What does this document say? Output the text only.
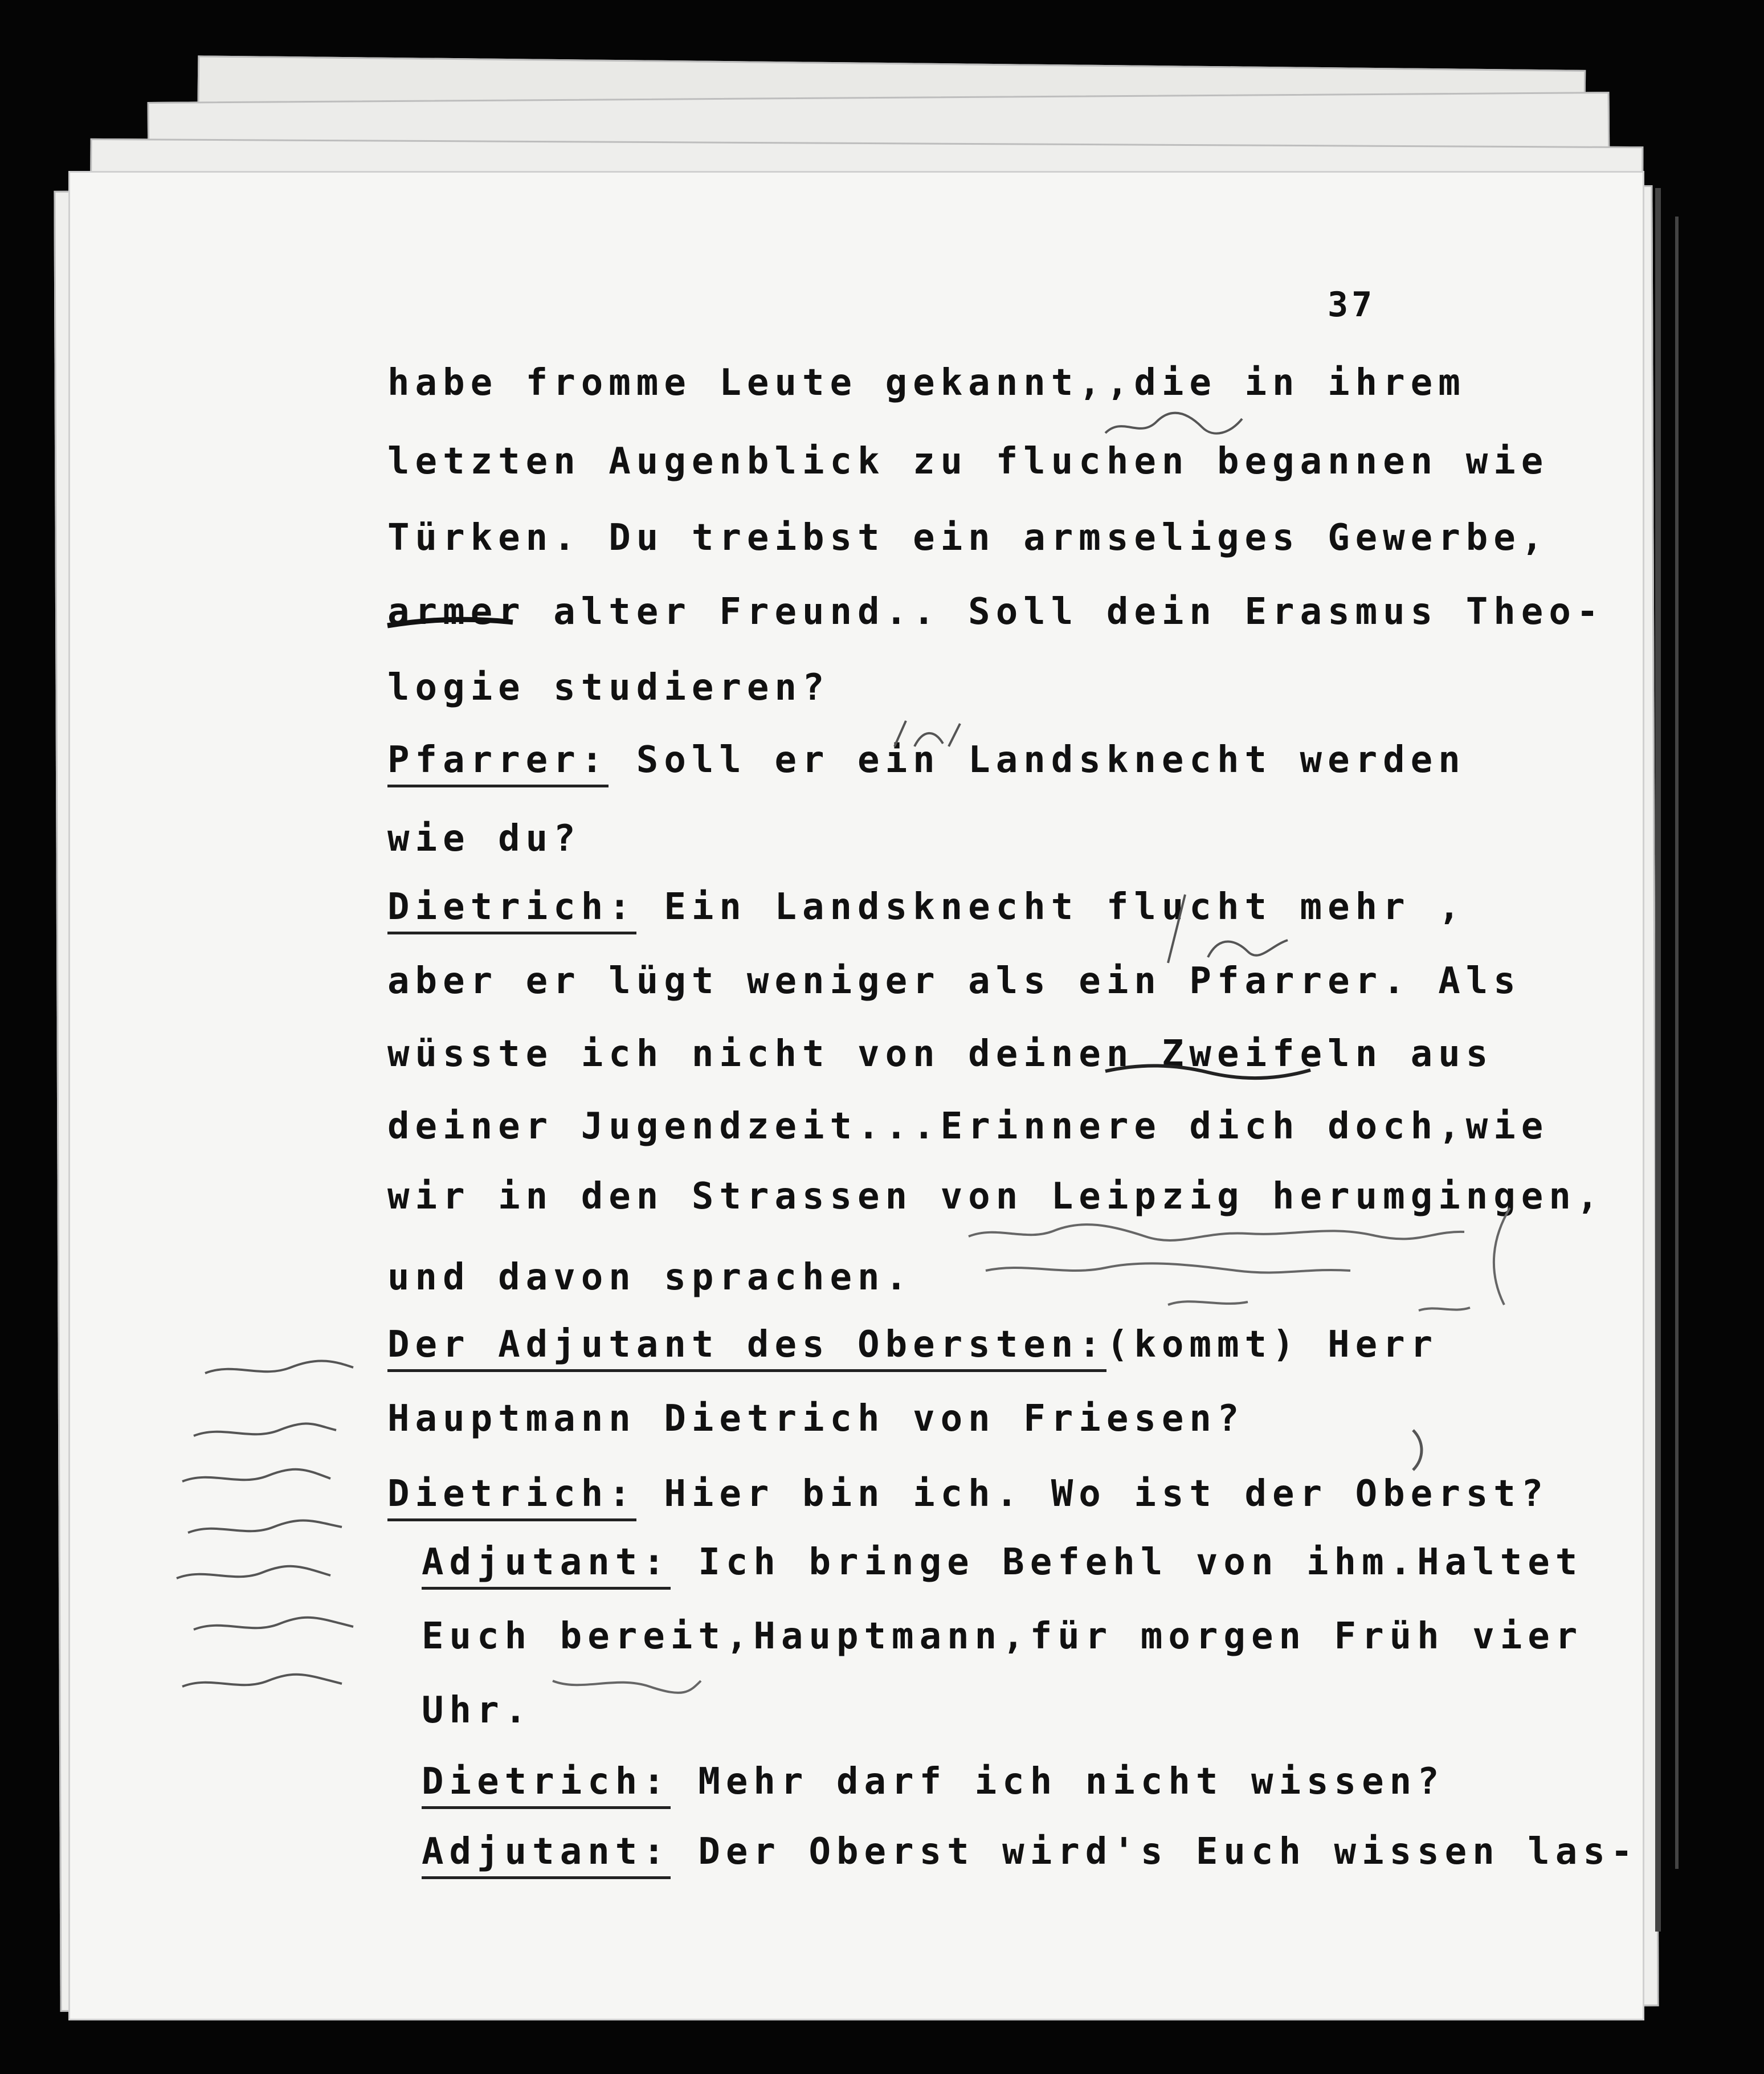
37
habe fromme Leute gekannt,,die in ihrem
letzten Augenblick zu fluchen begannen wie
Türken. Du treibst ein armseliges Gewerbe,
armer alter Freund.. Soll dein Erasmus Theo-
logie studieren?
Pfarrer: Soll er ein Landsknecht werden
wie du?
Dietrich: Ein Landsknecht flucht mehr ,
aber er lügt weniger als ein Pfarrer. Als
wüsste ich nicht von deinen Zweifeln aus
deiner Jugendzeit...Erinnere dich doch,wie
wir in den Strassen von Leipzig herumgingen,
und davon sprachen.
Der Adjutant des Obersten:(kommt) Herr
Hauptmann Dietrich von Friesen?
Dietrich: Hier bin ich. Wo ist der Oberst?
Adjutant: Ich bringe Befehl von ihm.Haltet
Euch bereit,Hauptmann,für morgen Früh vier
Uhr.
Dietrich: Mehr darf ich nicht wissen?
Adjutant: Der Oberst wird's Euch wissen las-
